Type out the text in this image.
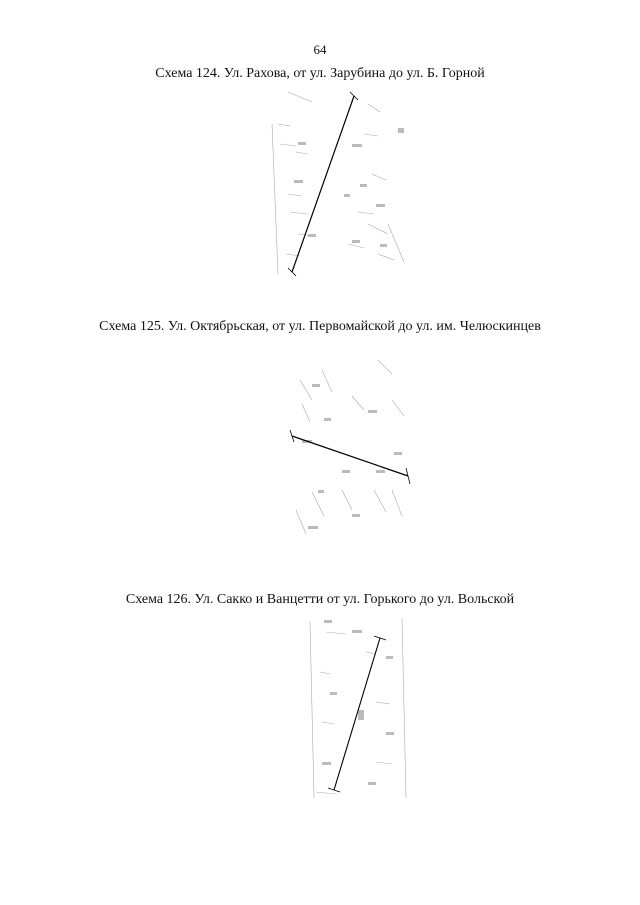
64
Схема 124. Ул. Рахова, от ул. Зарубина до ул. Б. Горной
Схема 125. Ул. Октябрьская, от ул. Первомайской до ул. им. Челюскинцев
Схема 126. Ул. Сакко и Ванцетти от ул. Горького до ул. Вольской
